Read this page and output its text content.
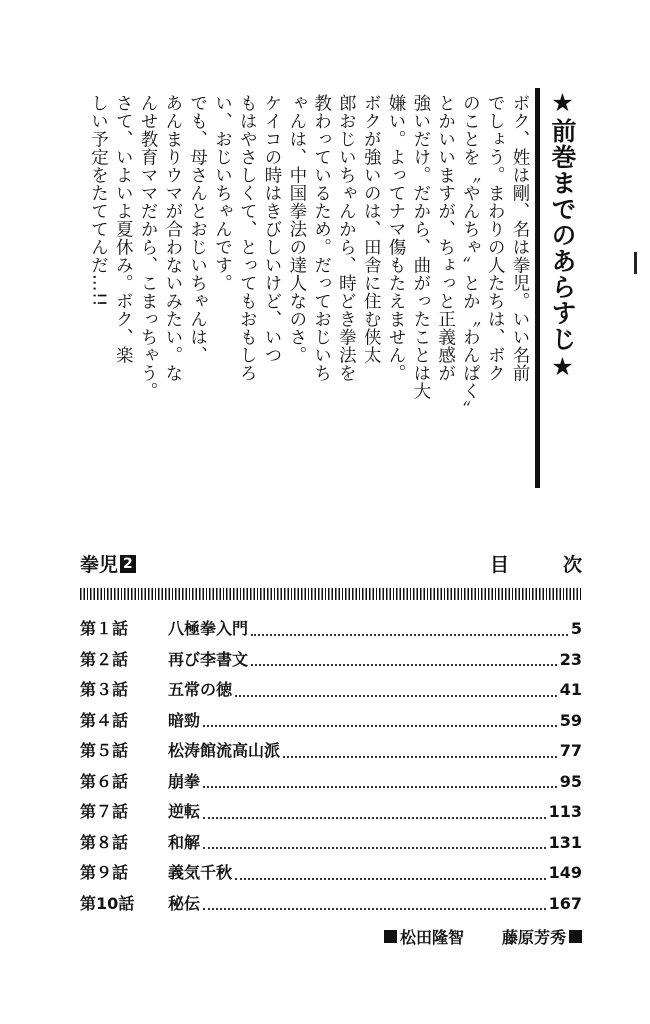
★前巻までのあらすじ★
ボク、姓は剛、名は拳児。いい名前
でしょう。まわりの人たちは、ボク
のことを〝やんちゃ〟とか〝わんぱく〟
とかいいますが、ちょっと正義感が
強いだけ。だから、曲がったことは大
嫌い。よってナマ傷もたえません。
ボクが強いのは、田舎に住む侠太
郎おじいちゃんから、時どき拳法を
教わっているため。だっておじいち
ゃんは、中国拳法の達人なのさ。
ケイコの時はきびしいけど、いつ
もはやさしくて、とってもおもしろ
い、おじいちゃんです。
でも、母さんとおじいちゃんは、
あんまりウマが合わないみたい。な
んせ教育ママだから、こまっちゃう。
さて、いよいよ夏休み。ボク、楽
しい予定をたててんだ…!!
拳児 2	目	次
第１話	八極拳入門	5
第２話	再び李書文	23
第３話	五常の徳	41
第４話	暗勁	59
第５話	松涛館流高山派	77
第６話	崩拳	95
第７話	逆転	113
第８話	和解	131
第９話	義気千秋	149
第10話	秘伝	167
松田隆智 藤原芳秀
